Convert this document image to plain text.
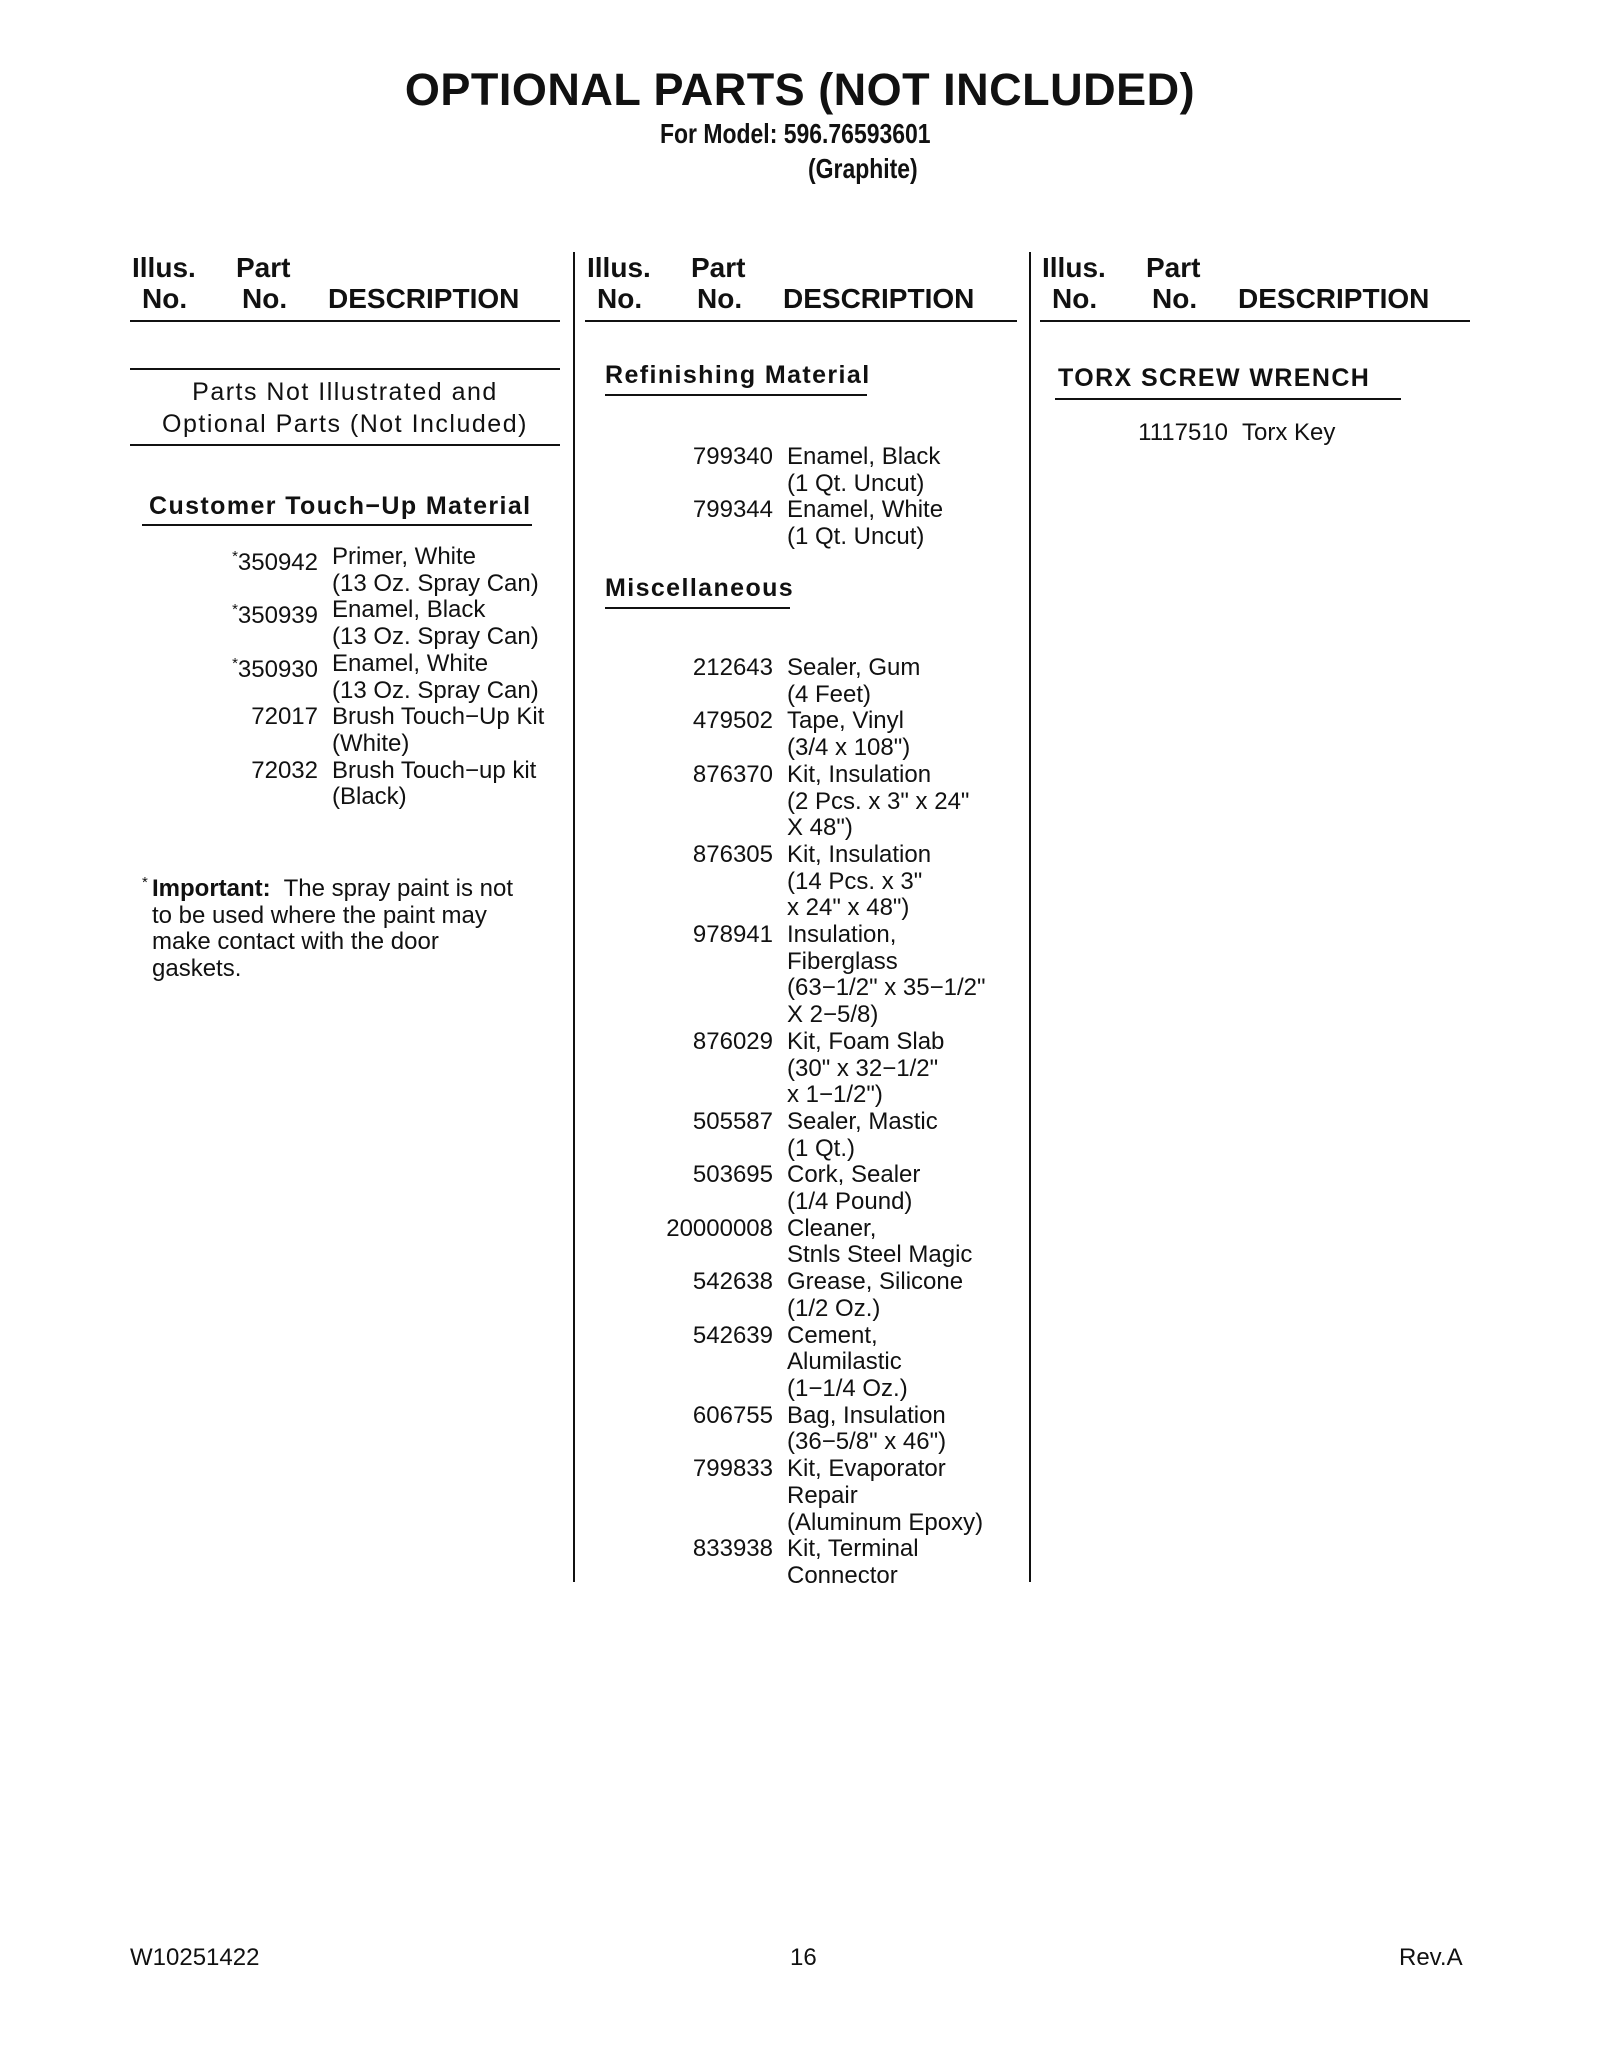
OPTIONAL PARTS (NOT INCLUDED)
For Model: 596.76593601
(Graphite)
Illus.
No.
Part
No. DESCRIPTION
Parts Not Illustrated and
Optional Parts (Not Included)
Customer Touch−Up Material
*350942 Primer, White
(13 Oz. Spray Can)
*350939 Enamel, Black
(13 Oz. Spray Can)
*350930 Enamel, White
(13 Oz. Spray Can)
72017 Brush Touch−Up Kit
(White)
72032 Brush Touch−up kit
(Black)
* Important: The spray paint is not to be used where the paint may make contact with the door gaskets.
Illus.
No.
Part
No. DESCRIPTION
Refinishing Material
799340 Enamel, Black
(1 Qt. Uncut)
799344 Enamel, White
(1 Qt. Uncut)
Miscellaneous
212643 Sealer, Gum
(4 Feet)
479502 Tape, Vinyl
(3/4 x 108")
876370 Kit, Insulation
(2 Pcs. x 3" x 24"
X 48")
876305 Kit, Insulation
(14 Pcs. x 3"
x 24" x 48")
978941 Insulation,
Fiberglass
(63−1/2" x 35−1/2"
X 2−5/8)
876029 Kit, Foam Slab
(30" x 32−1/2"
x 1−1/2")
505587 Sealer, Mastic
(1 Qt.)
503695 Cork, Sealer
(1/4 Pound)
20000008 Cleaner,
Stnls Steel Magic
542638 Grease, Silicone
(1/2 Oz.)
542639 Cement,
Alumilastic
(1−1/4 Oz.)
606755 Bag, Insulation
(36−5/8" x 46")
799833 Kit, Evaporator
Repair
(Aluminum Epoxy)
833938 Kit, Terminal
Connector
Illus.
No.
Part
No. DESCRIPTION
TORX SCREW WRENCH
1117510 Torx Key
W10251422	16	Rev.A
